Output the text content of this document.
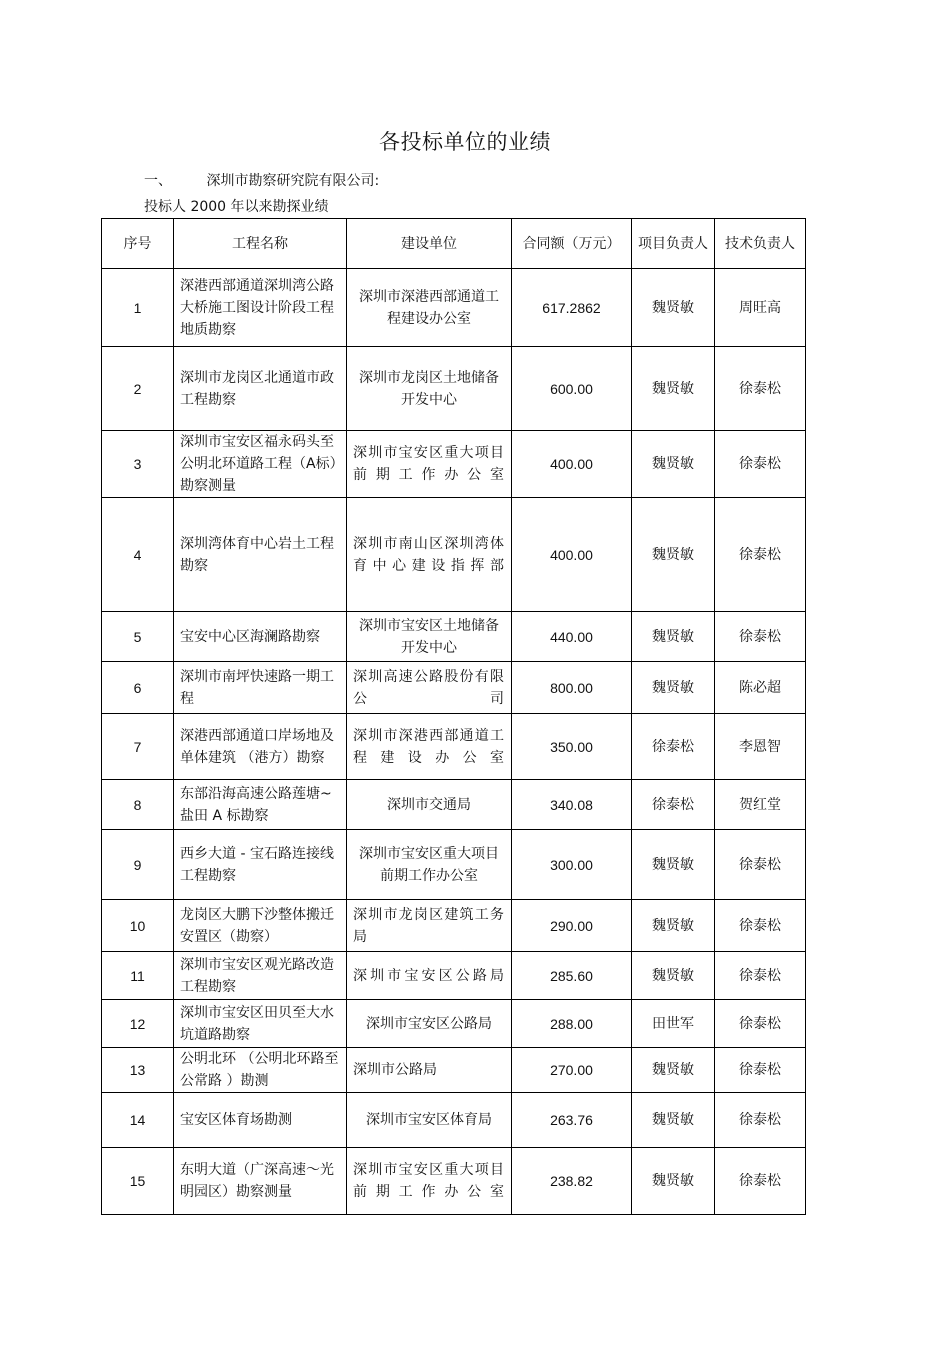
各投标单位的业绩
一、 深圳市勘察研究院有限公司:
投标人 2000 年以来勘探业绩
序号	工程名称	建设单位	合同额（万元）	项目负责人	技术负责人
1	深港西部通道深圳湾公路大桥施工图设计阶段工程地质勘察	深圳市深港西部通道工程建设办公室	617.2862	魏贤敏	周旺高
2	深圳市龙岗区北通道市政工程勘察	深圳市龙岗区土地储备开发中心	600.00	魏贤敏	徐泰松
3	深圳市宝安区福永码头至公明北环道路工程（A标）勘察测量	深圳市宝安区重大项目前期工作办公室	400.00	魏贤敏	徐泰松
4	深圳湾体育中心岩土工程勘察	深圳市南山区深圳湾体育中心建设指挥部	400.00	魏贤敏	徐泰松
5	宝安中心区海澜路勘察	深圳市宝安区土地储备开发中心	440.00	魏贤敏	徐泰松
6	深圳市南坪快速路一期工程	深圳高速公路股份有限公司	800.00	魏贤敏	陈必超
7	深港西部通道口岸场地及单体建筑 （港方）勘察	深圳市深港西部通道工程建设办公室	350.00	徐泰松	李恩智
8	东部沿海高速公路莲塘~盐田 A 标勘察	深圳市交通局	340.08	徐泰松	贺红堂
9	西乡大道 - 宝石路连接线工程勘察	深圳市宝安区重大项目前期工作办公室	300.00	魏贤敏	徐泰松
10	龙岗区大鹏下沙整体搬迁安置区（勘察）	深圳市龙岗区建筑工务局	290.00	魏贤敏	徐泰松
11	深圳市宝安区观光路改造工程勘察	深圳市宝安区公路局	285.60	魏贤敏	徐泰松
12	深圳市宝安区田贝至大水坑道路勘察	深圳市宝安区公路局	288.00	田世军	徐泰松
13	公明北环 （公明北环路至公常路 ）勘测	深圳市公路局	270.00	魏贤敏	徐泰松
14	宝安区体育场勘测	深圳市宝安区体育局	263.76	魏贤敏	徐泰松
15	东明大道（广深高速～光明园区）勘察测量	深圳市宝安区重大项目前期工作办公室	238.82	魏贤敏	徐泰松
